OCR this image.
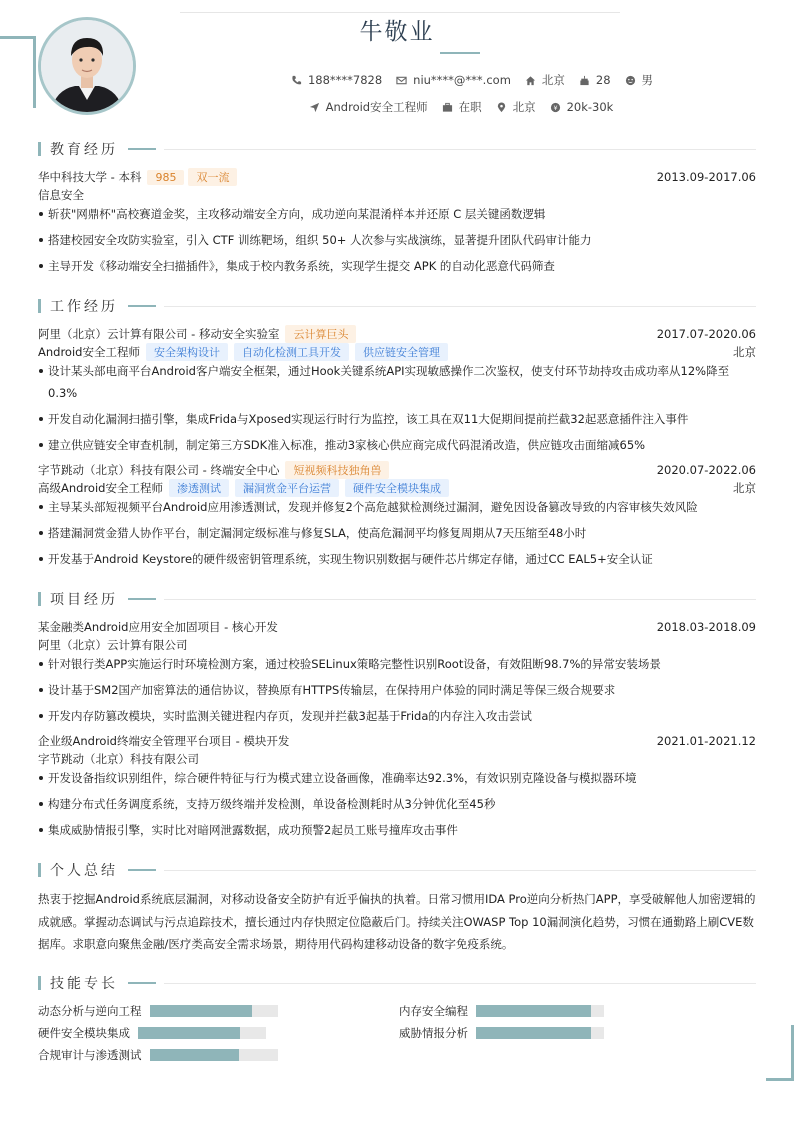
牛敬业
188****7828	niu****@***.com	北京	28	男
Android安全工程师	在职	北京 ¥ 20k-30k
教育经历
华中科技大学 - 本科	985	双一流	2013.09-2017.06
信息安全
斩获"网鼎杯"高校赛道金奖，主攻移动端安全方向，成功逆向某混淆样本并还原 C 层关键函数逻辑
搭建校园安全攻防实验室，引入 CTF 训练靶场，组织 50+ 人次参与实战演练，显著提升团队代码审计能力
主导开发《移动端安全扫描插件》，集成于校内教务系统，实现学生提交 APK 的自动化恶意代码筛查
工作经历
阿里（北京）云计算有限公司 - 移动安全实验室	云计算巨头	2017.07-2020.06
Android安全工程师	安全架构设计	自动化检测工具开发	供应链安全管理	北京
设计某头部电商平台Android客户端安全框架，通过Hook关键系统API实现敏感操作二次鉴权，使支付环节劫持攻击成功率从12%降至0.3%
开发自动化漏洞扫描引擎，集成Frida与Xposed实现运行时行为监控，该工具在双11大促期间提前拦截32起恶意插件注入事件
建立供应链安全审查机制，制定第三方SDK准入标准，推动3家核心供应商完成代码混淆改造，供应链攻击面缩减65%
字节跳动（北京）科技有限公司 - 终端安全中心	短视频科技独角兽	2020.07-2022.06
高级Android安全工程师	渗透测试	漏洞赏金平台运营	硬件安全模块集成	北京
主导某头部短视频平台Android应用渗透测试，发现并修复2个高危越狱检测绕过漏洞，避免因设备篡改导致的内容审核失效风险
搭建漏洞赏金猎人协作平台，制定漏洞定级标准与修复SLA，使高危漏洞平均修复周期从7天压缩至48小时
开发基于Android Keystore的硬件级密钥管理系统，实现生物识别数据与硬件芯片绑定存储，通过CC EAL5+安全认证
项目经历
某金融类Android应用安全加固项目 - 核心开发	2018.03-2018.09
阿里（北京）云计算有限公司
针对银行类APP实施运行时环境检测方案，通过校验SELinux策略完整性识别Root设备，有效阻断98.7%的异常安装场景
设计基于SM2国产加密算法的通信协议，替换原有HTTPS传输层，在保持用户体验的同时满足等保三级合规要求
开发内存防篡改模块，实时监测关键进程内存页，发现并拦截3起基于Frida的内存注入攻击尝试
企业级Android终端安全管理平台项目 - 模块开发	2021.01-2021.12
字节跳动（北京）科技有限公司
开发设备指纹识别组件，综合硬件特征与行为模式建立设备画像，准确率达92.3%，有效识别克隆设备与模拟器环境
构建分布式任务调度系统，支持万级终端并发检测，单设备检测耗时从3分钟优化至45秒
集成威胁情报引擎，实时比对暗网泄露数据，成功预警2起员工账号撞库攻击事件
个人总结
热衷于挖掘Android系统底层漏洞，对移动设备安全防护有近乎偏执的执着。日常习惯用IDA Pro逆向分析热门APP，享受破解他人加密逻辑的成就感。掌握动态调试与污点追踪技术，擅长通过内存快照定位隐蔽后门。持续关注OWASP Top 10漏洞演化趋势，习惯在通勤路上刷CVE数据库。求职意向聚焦金融/医疗类高安全需求场景，期待用代码构建移动设备的数字免疫系统。
技能专长
动态分析与逆向工程	内存安全编程
硬件安全模块集成	威胁情报分析
合规审计与渗透测试
